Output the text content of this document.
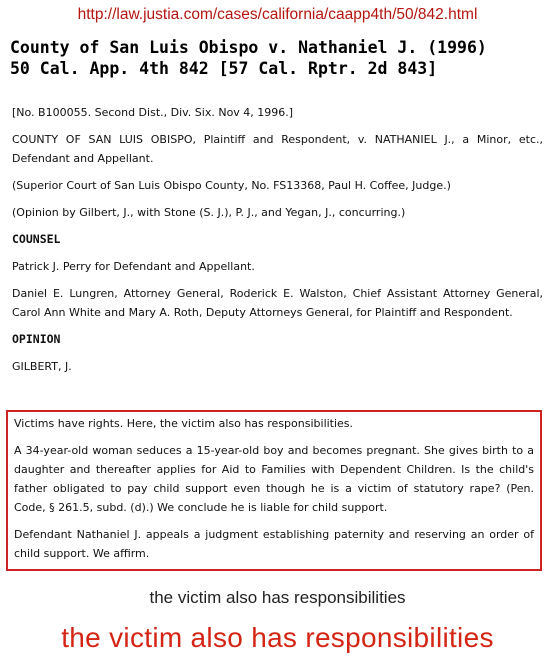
http://law.justia.com/cases/california/caapp4th/50/842.html
County of San Luis Obispo v. Nathaniel J. (1996)
50 Cal. App. 4th 842 [57 Cal. Rptr. 2d 843]

[No. B100055. Second Dist., Div. Six. Nov 4, 1996.]

COUNTY OF SAN LUIS OBISPO, Plaintiff and Respondent, v. NATHANIEL J., a Minor, etc., Defendant and Appellant.

(Superior Court of San Luis Obispo County, No. FS13368, Paul H. Coffee, Judge.)

(Opinion by Gilbert, J., with Stone (S. J.), P. J., and Yegan, J., concurring.)

COUNSEL

Patrick J. Perry for Defendant and Appellant.

Daniel E. Lungren, Attorney General, Roderick E. Walston, Chief Assistant Attorney General, Carol Ann White and Mary A. Roth, Deputy Attorneys General, for Plaintiff and Respondent.

OPINION

GILBERT, J.

Victims have rights. Here, the victim also has responsibilities.

A 34-year-old woman seduces a 15-year-old boy and becomes pregnant. She gives birth to a daughter and thereafter applies for Aid to Families with Dependent Children. Is the child's father obligated to pay child support even though he is a victim of statutory rape? (Pen. Code, § 261.5, subd. (d).) We conclude he is liable for child support.

Defendant Nathaniel J. appeals a judgment establishing paternity and reserving an order of child support. We affirm.

the victim also has responsibilities
the victim also has responsibilities
